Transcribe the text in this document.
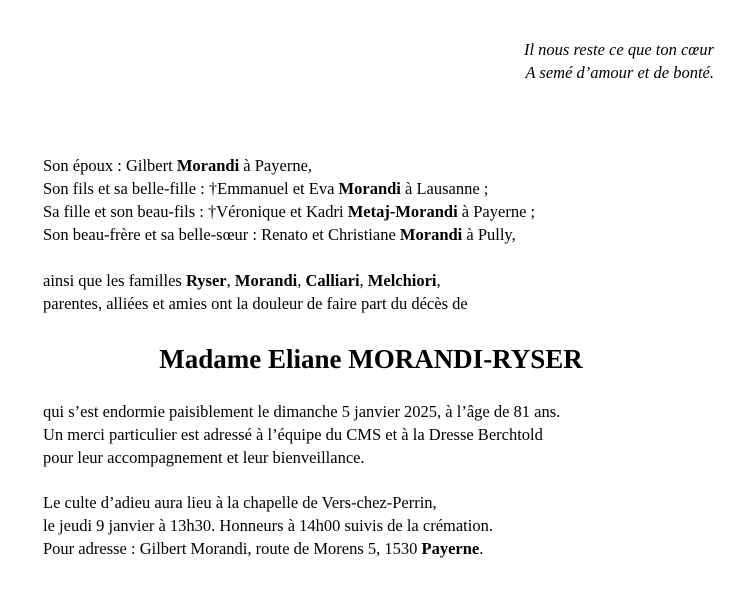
Il nous reste ce que ton cœur
A semé d’amour et de bonté.
Son époux : Gilbert Morandi à Payerne,
Son fils et sa belle-fille : †Emmanuel et Eva Morandi à Lausanne ;
Sa fille et son beau-fils : †Véronique et Kadri Metaj-Morandi à Payerne ;
Son beau-frère et sa belle-sœur : Renato et Christiane Morandi à Pully,
ainsi que les familles Ryser, Morandi, Calliari, Melchiori,
parentes, alliées et amies ont la douleur de faire part du décès de
Madame Eliane MORANDI-RYSER
qui s’est endormie paisiblement le dimanche 5 janvier 2025, à l’âge de 81 ans.
Un merci particulier est adressé à l’équipe du CMS et à la Dresse Berchtold
pour leur accompagnement et leur bienveillance.
Le culte d’adieu aura lieu à la chapelle de Vers-chez-Perrin,
le jeudi 9 janvier à 13h30. Honneurs à 14h00 suivis de la crémation.
Pour adresse : Gilbert Morandi, route de Morens 5, 1530 Payerne.
